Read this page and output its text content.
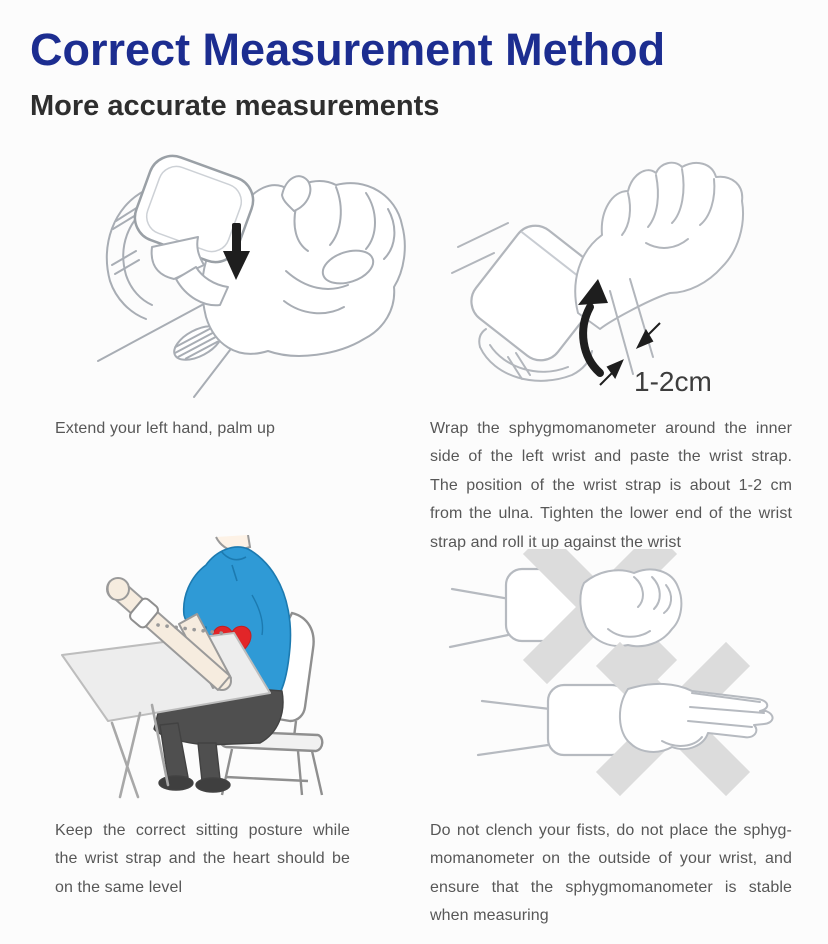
Correct Measurement Method
More accurate measurements
1-2cm
Extend your left hand, palm up	Wrap the sphygmomanometer around the inner
side of the left wrist and paste the wrist strap.
The position of the wrist strap is about 1-2 cm
from the ulna. Tighten the lower end of the wrist
strap and roll it up against the wrist
Keep the correct sitting posture while
the wrist strap and the heart should be
on the same level
Do not clench your fists, do not place the sphyg-
momanometer on the outside of your wrist, and
ensure that the sphygmomanometer is stable
when measuring
